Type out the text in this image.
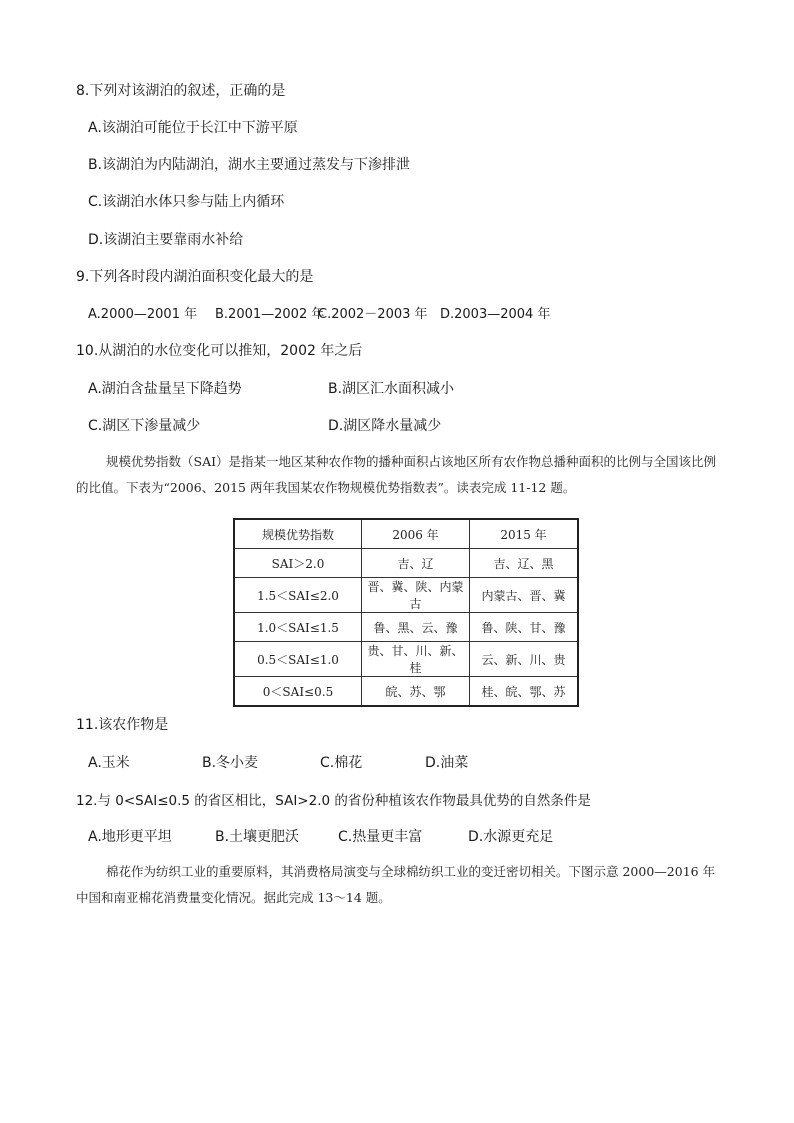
8.下列对该湖泊的叙述，正确的是
A.该湖泊可能位于长江中下游平原
B.该湖泊为内陆湖泊，湖水主要通过蒸发与下渗排泄
C.该湖泊水体只参与陆上内循环
D.该湖泊主要靠雨水补给
9.下列各时段内湖泊面积变化最大的是
A.2000—2001 年 B.2001—2002 年
C.2002－2003 年 D.2003—2004 年
10.从湖泊的水位变化可以推知，2002 年之后
A.湖泊含盐量呈下降趋势	B.湖区汇水面积减小
C.湖区下渗量减少	D.湖区降水量减少
规模优势指数（SAI）是指某一地区某种农作物的播种面积占该地区所有农作物总播种面积的比例与全国该比例的比值。下表为“2006、2015 两年我国某农作物规模优势指数表”。读表完成 11-12 题。
规模优势指数	2006 年	2015 年
SAI＞2.0	吉、辽	吉、辽、黑
1.5＜SAI≤2.0	晋、冀、陕、内蒙古	内蒙古、晋、冀
1.0＜SAI≤1.5	鲁、黑、云、豫	鲁、陕、甘、豫
0.5＜SAI≤1.0	贵、甘、川、新、桂	云、新、川、贵
0＜SAI≤0.5	皖、苏、鄂	桂、皖、鄂、苏
11.该农作物是
A.玉米	B.冬小麦	C.棉花	D.油菜
12.与 0<SAI≤0.5 的省区相比，SAI>2.0 的省份种植该农作物最具优势的自然条件是
A.地形更平坦	B.土壤更肥沃	C.热量更丰富	D.水源更充足
棉花作为纺织工业的重要原料，其消费格局演变与全球棉纺织工业的变迁密切相关。下图示意 2000—2016 年中国和南亚棉花消费量变化情况。据此完成 13～14 题。
